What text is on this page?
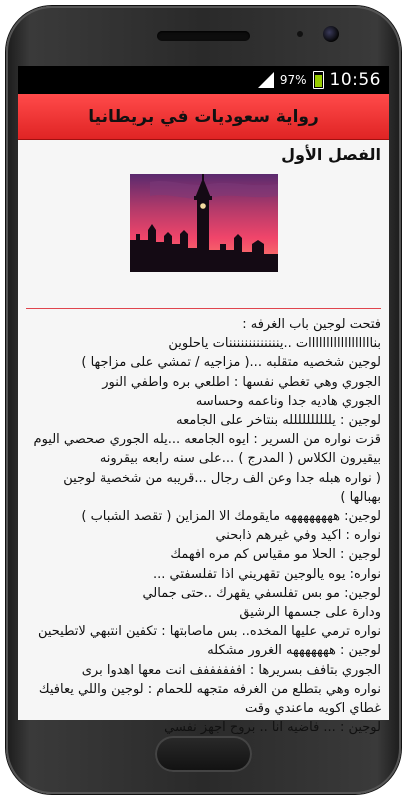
97% 10:56
رواية سعوديات في بريطانيا
الفصل الأول

فتحت لوجين باب الغرفه :

بناااااااااااااااااات ..ينننننننننننننات ياحلوين

لوجين شخصيه متقلبه ...( مزاجيه / تمشي على مزاجها )

الجوري وهي تغطي نفسها : اطلعي بره واطفي النور

الجوري هاديه جدا وناعمه وحساسه

لوجين : يلللللللللله بنتاخر على الجامعه

قزت نواره من السرير : ايوه الجامعه ...يله الجوري صحصي اليوم

بيقيرون الكلاس ( المدرج ) ...على سنه رابعه بيقرونه

( نواره هبله جدا وعن الف رجال ...قريبه من شخصية لوجين

بهبالها )

لوجين: ههههههههه مايقومك الا المزاين ( تقصد الشباب )

نواره : اكيد وفي غيرهم ذابحني

لوجين : الحلا مو مقياس كم مره افهمك

نواره: يوه يالوجين تقهريني اذا تفلسفتي ...

لوجين: مو بس تفلسفي يقهرك ..حتى جمالي

ودارة على جسمها الرشيق

نواره ترمي عليها المخده.. بس ماصابتها : تكفين انتبهي لاتطيحين

لوجين : هههههههه الغرور مشكله

الجوري بتافف بسريرها : اففففففف انت معها اهدوا برى

نواره وهي بتطلع من الغرفه متجهه للحمام : لوجين واللي يعافيك

غطاي اكويه ماعندي وقت

لوجين : ... فاضيه انا .. بروح اجهز نفسي
